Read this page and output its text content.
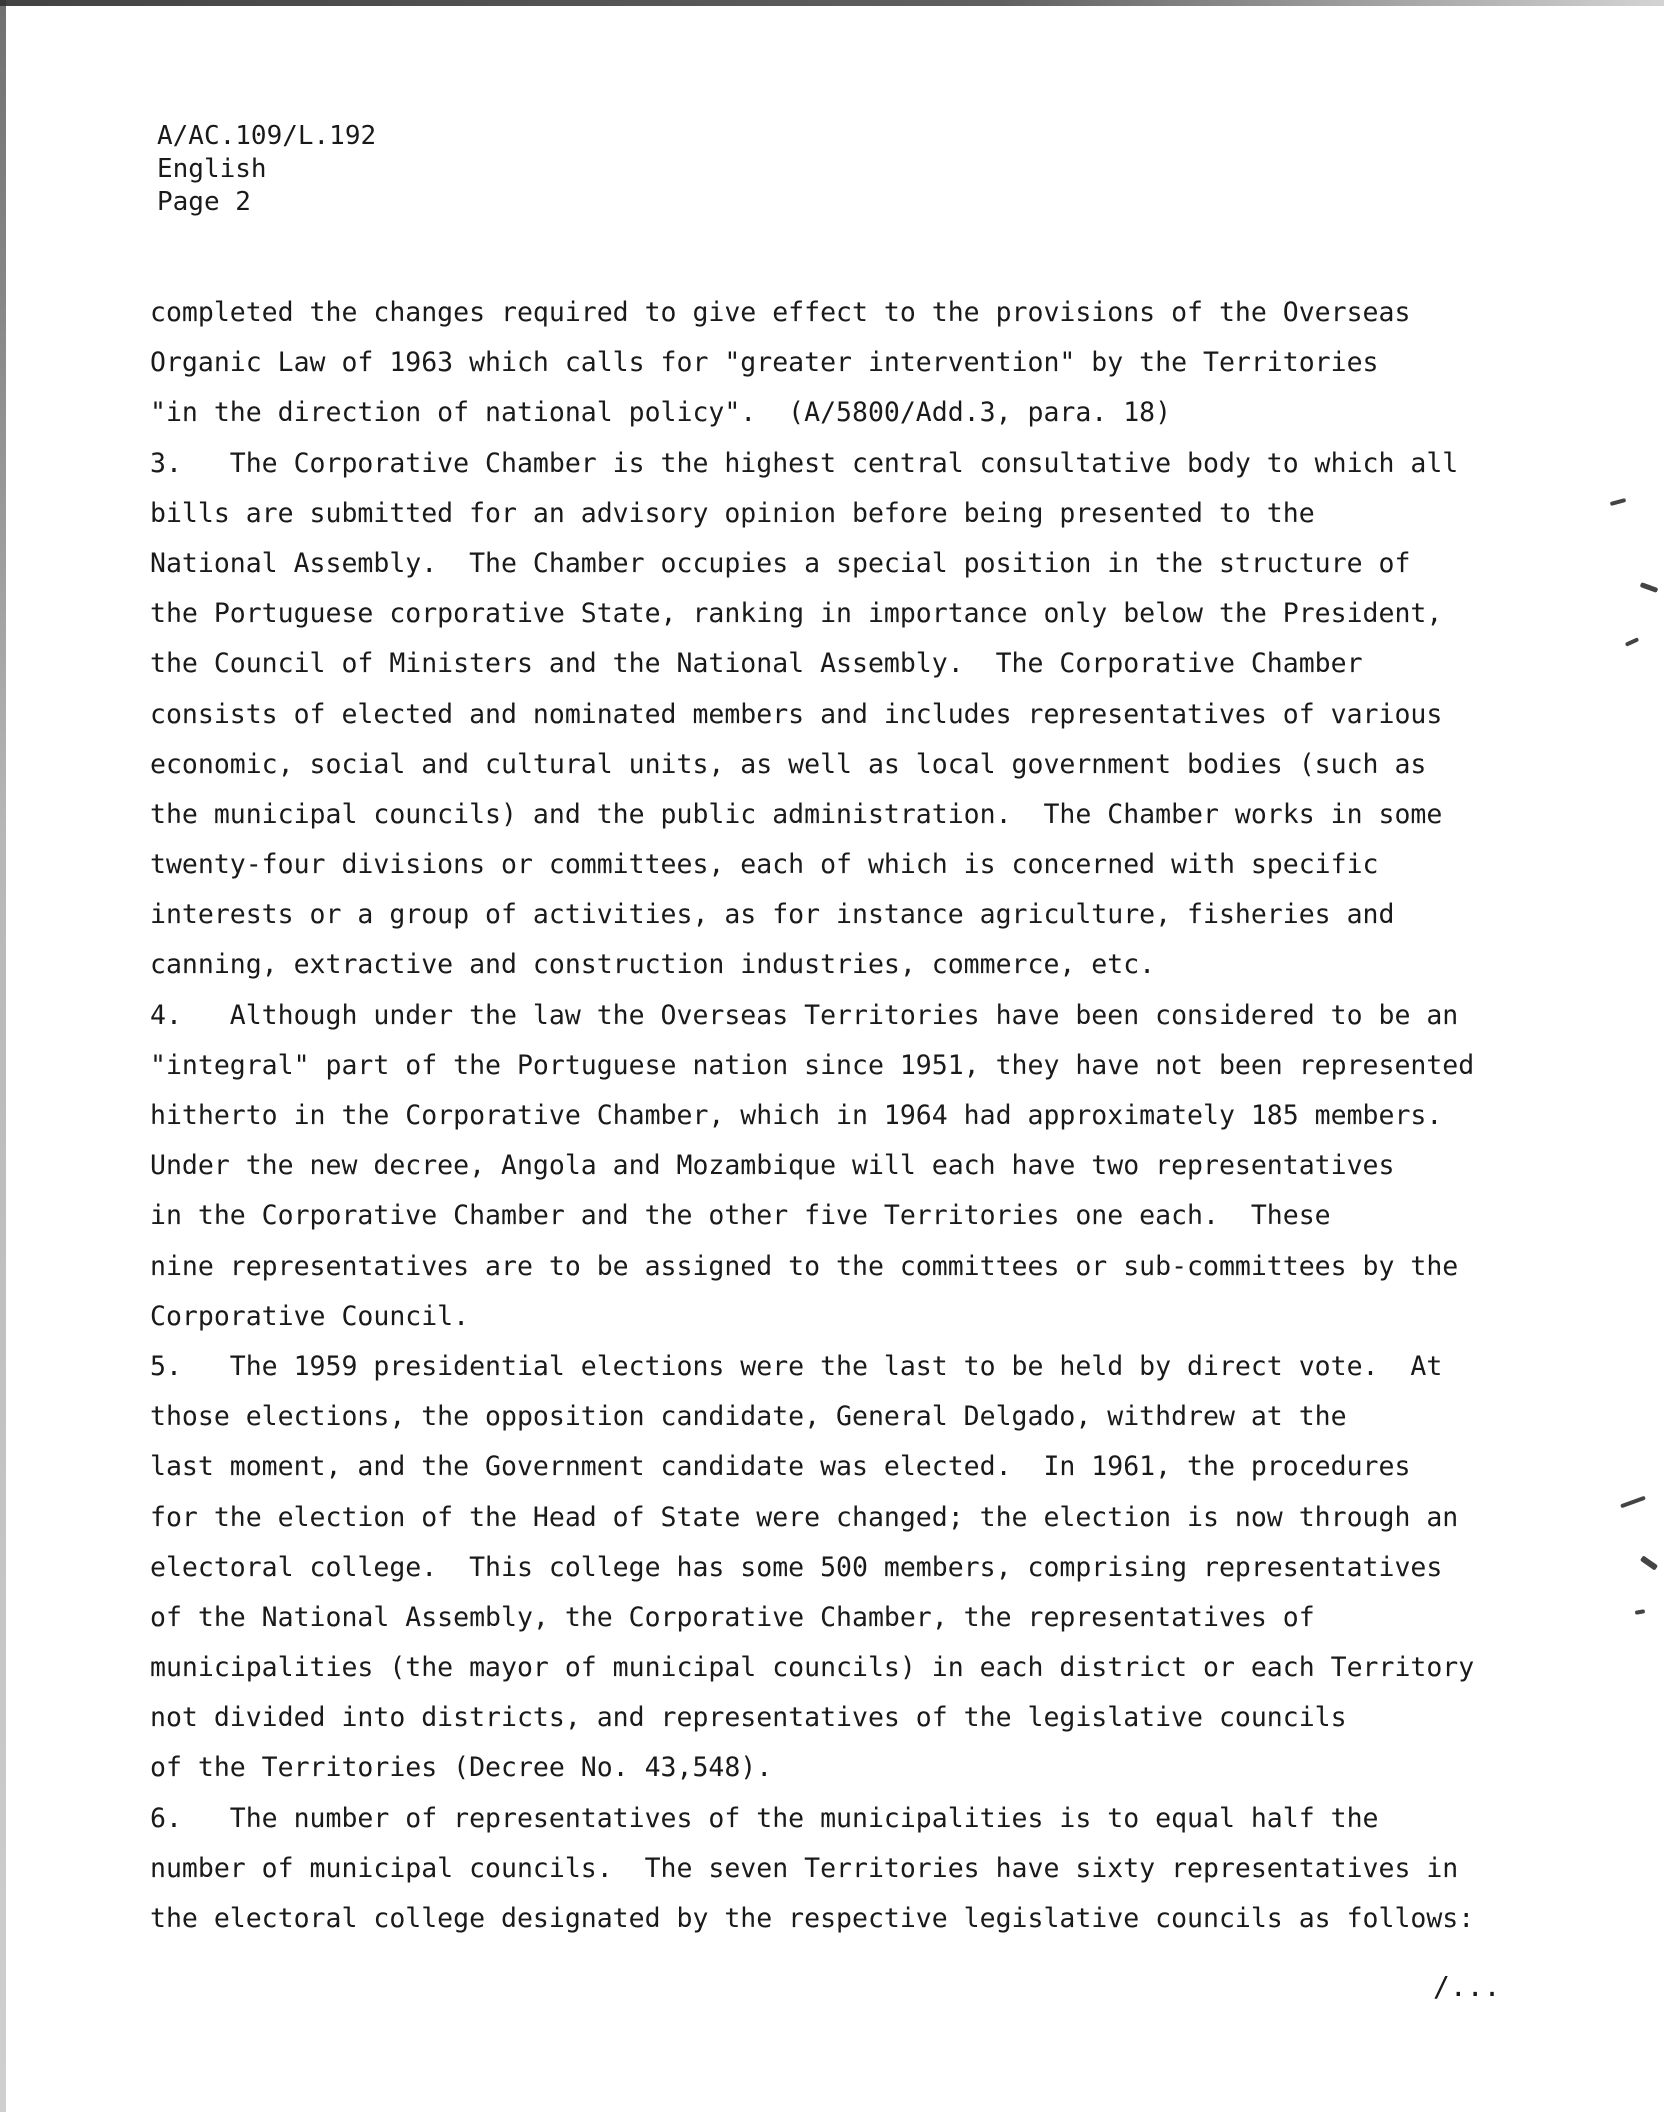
A/AC.109/L.192
English
Page 2
completed the changes required to give effect to the provisions of the Overseas
Organic Law of 1963 which calls for "greater intervention" by the Territories
"in the direction of national policy".  (A/5800/Add.3, para. 18)
3.   The Corporative Chamber is the highest central consultative body to which all
bills are submitted for an advisory opinion before being presented to the
National Assembly.  The Chamber occupies a special position in the structure of
the Portuguese corporative State, ranking in importance only below the President,
the Council of Ministers and the National Assembly.  The Corporative Chamber
consists of elected and nominated members and includes representatives of various
economic, social and cultural units, as well as local government bodies (such as
the municipal councils) and the public administration.  The Chamber works in some
twenty-four divisions or committees, each of which is concerned with specific
interests or a group of activities, as for instance agriculture, fisheries and
canning, extractive and construction industries, commerce, etc.
4.   Although under the law the Overseas Territories have been considered to be an
"integral" part of the Portuguese nation since 1951, they have not been represented
hitherto in the Corporative Chamber, which in 1964 had approximately 185 members.
Under the new decree, Angola and Mozambique will each have two representatives
in the Corporative Chamber and the other five Territories one each.  These
nine representatives are to be assigned to the committees or sub-committees by the
Corporative Council.
5.   The 1959 presidential elections were the last to be held by direct vote.  At
those elections, the opposition candidate, General Delgado, withdrew at the
last moment, and the Government candidate was elected.  In 1961, the procedures
for the election of the Head of State were changed; the election is now through an
electoral college.  This college has some 500 members, comprising representatives
of the National Assembly, the Corporative Chamber, the representatives of
municipalities (the mayor of municipal councils) in each district or each Territory
not divided into districts, and representatives of the legislative councils
of the Territories (Decree No. 43,548).
6.   The number of representatives of the municipalities is to equal half the
number of municipal councils.  The seven Territories have sixty representatives in
the electoral college designated by the respective legislative councils as follows:
/...
